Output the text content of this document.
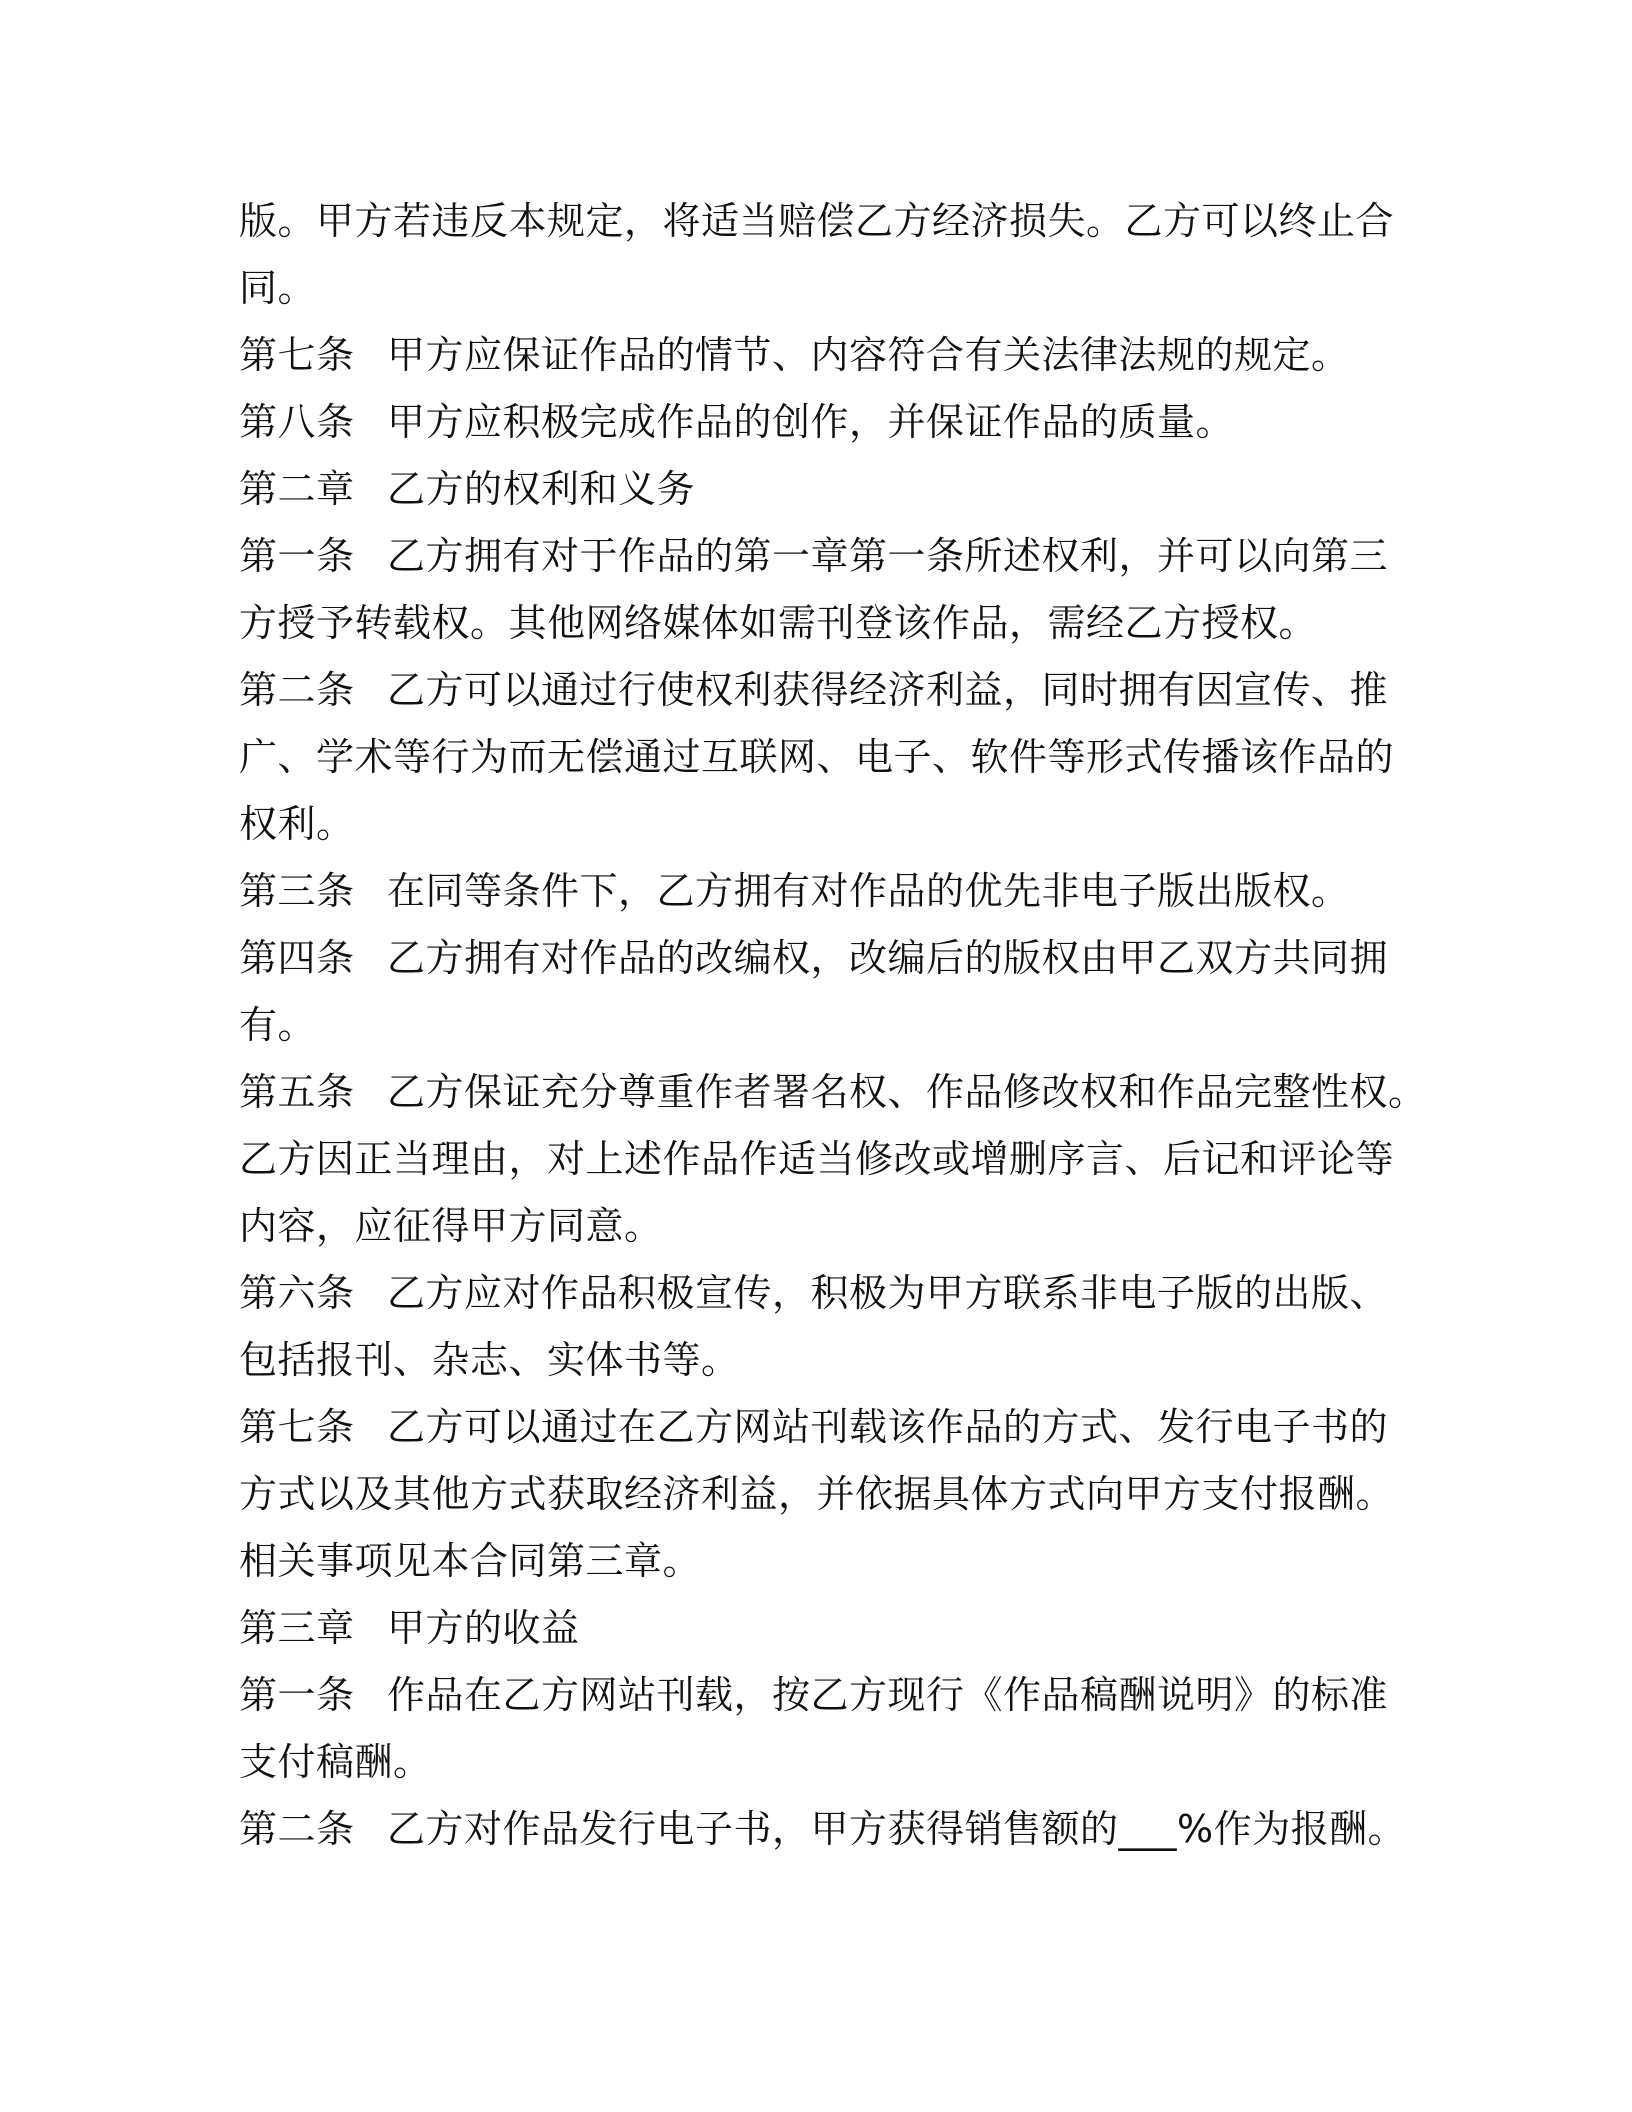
版。甲方若违反本规定，将适当赔偿乙方经济损失。乙方可以终止合
同。
第七条 甲方应保证作品的情节、内容符合有关法律法规的规定。
第八条 甲方应积极完成作品的创作，并保证作品的质量。
第二章 乙方的权利和义务
第一条 乙方拥有对于作品的第一章第一条所述权利，并可以向第三
方授予转载权。其他网络媒体如需刊登该作品，需经乙方授权。
第二条 乙方可以通过行使权利获得经济利益，同时拥有因宣传、推
广、学术等行为而无偿通过互联网、电子、软件等形式传播该作品的
权利。
第三条 在同等条件下，乙方拥有对作品的优先非电子版出版权。
第四条 乙方拥有对作品的改编权，改编后的版权由甲乙双方共同拥
有。
第五条 乙方保证充分尊重作者署名权、作品修改权和作品完整性权。
乙方因正当理由，对上述作品作适当修改或增删序言、后记和评论等
内容，应征得甲方同意。
第六条 乙方应对作品积极宣传，积极为甲方联系非电子版的出版、
包括报刊、杂志、实体书等。
第七条 乙方可以通过在乙方网站刊载该作品的方式、发行电子书的
方式以及其他方式获取经济利益，并依据具体方式向甲方支付报酬。
相关事项见本合同第三章。
第三章 甲方的收益
第一条 作品在乙方网站刊载，按乙方现行《作品稿酬说明》的标准
支付稿酬。
第二条 乙方对作品发行电子书，甲方获得销售额的___%作为报酬。
